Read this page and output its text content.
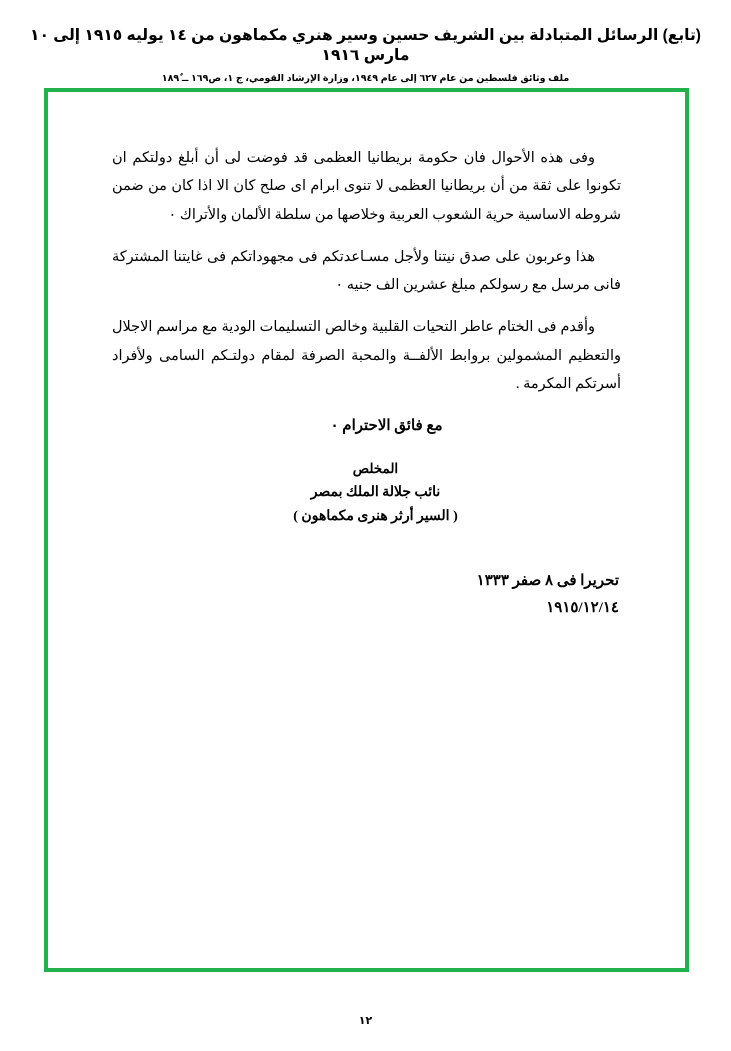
(تابع) الرسائل المتبادلة بين الشريف حسين وسير هنري مكماهون من ١٤ يوليه ١٩١٥ إلى ١٠ مارس ١٩١٦
ملف وثائق فلسطين من عام ٦٢٧ إلى عام ١٩٤٩، وزارة الإرشاد القومي، ج ١، ص١٦٩ ــ ١٨٩ٌ

وفى هذه الأحوال فان حكومة بريطانيا العظمى قد فوضت لى أن أبلغ دولتكم ان تكونوا على ثقة من أن بريطانيا العظمى لا تنوى ابرام اى صلح كان الا اذا كان من ضمن شروطه الاساسية حرية الشعوب العربية وخلاصها من سلطة الألمان والأتراك ٠

هذا وعربون على صدق نيتنا ولأجل مسـاعدتكم فى مجهوداتكم فى غايتنا المشتركة فانى مرسل مع رسولكم مبلغ عشرين الف جنيه ٠

وأقدم فى الختام عاطر التحيات القلبية وخالص التسليمات الودية مع مراسم الاجلال والتعظيم المشمولين بروابط الألفــة والمحبة الصرفة لمقام دولتـكم السامى ولأفراد أسرتكم المكرمة .

مع فائق الاحترام ٠
المخلص
نائب جلالة الملك بمصر
( السير أرثر هنرى مكماهون )
تحريرا فى ٨ صفر ١٣٣٣
١٩١٥/١٢/١٤
١٢
